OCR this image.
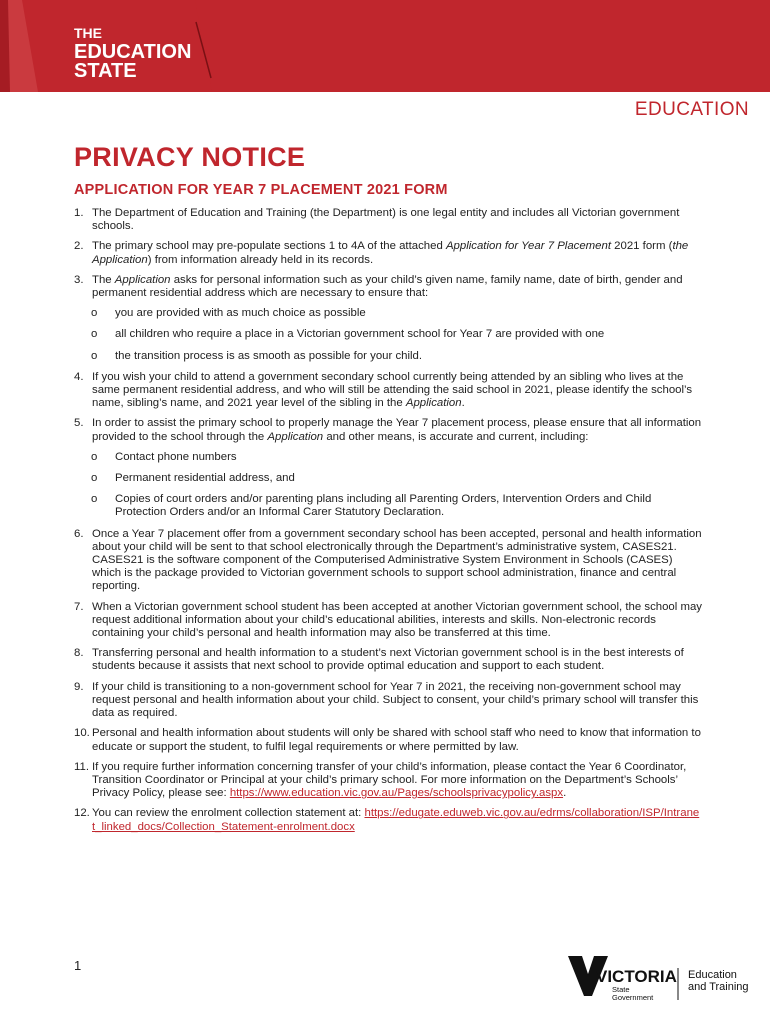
THE
EDUCATION
STATE
EDUCATION
PRIVACY NOTICE
APPLICATION FOR YEAR 7 PLACEMENT 2021 FORM
1. The Department of Education and Training (the Department) is one legal entity and includes all Victorian government schools.
2. The primary school may pre-populate sections 1 to 4A of the attached Application for Year 7 Placement 2021 form (the Application) from information already held in its records.
3. The Application asks for personal information such as your child’s given name, family name, date of birth, gender and permanent residential address which are necessary to ensure that:
o you are provided with as much choice as possible
o all children who require a place in a Victorian government school for Year 7 are provided with one
o the transition process is as smooth as possible for your child.
4. If you wish your child to attend a government secondary school currently being attended by an sibling who lives at the same permanent residential address, and who will still be attending the said school in 2021, please identify the school’s name, sibling’s name, and 2021 year level of the sibling in the Application.
5. In order to assist the primary school to properly manage the Year 7 placement process, please ensure that all information provided to the school through the Application and other means, is accurate and current, including:
o Contact phone numbers
o Permanent residential address, and
o Copies of court orders and/or parenting plans including all Parenting Orders, Intervention Orders and Child Protection Orders and/or an Informal Carer Statutory Declaration.
6. Once a Year 7 placement offer from a government secondary school has been accepted, personal and health information about your child will be sent to that school electronically through the Department’s administrative system, CASES21. CASES21 is the software component of the Computerised Administrative System Environment in Schools (CASES) which is the package provided to Victorian government schools to support school administration, finance and central reporting.
7. When a Victorian government school student has been accepted at another Victorian government school, the school may request additional information about your child’s educational abilities, interests and skills. Non-electronic records containing your child’s personal and health information may also be transferred at this time.
8. Transferring personal and health information to a student’s next Victorian government school is in the best interests of students because it assists that next school to provide optimal education and support to each student.
9. If your child is transitioning to a non-government school for Year 7 in 2021, the receiving non-government school may request personal and health information about your child. Subject to consent, your child’s primary school will transfer this data as required.
10. Personal and health information about students will only be shared with school staff who need to know that information to educate or support the student, to fulfil legal requirements or where permitted by law.
11. If you require further information concerning transfer of your child’s information, please contact the Year 6 Coordinator, Transition Coordinator or Principal at your child’s primary school. For more information on the Department’s Schools’ Privacy Policy, please see: https://www.education.vic.gov.au/Pages/schoolsprivacypolicy.aspx.
12. You can review the enrolment collection statement at: https://edugate.eduweb.vic.gov.au/edrms/collaboration/ISP/Intranet_linked_docs/Collection_Statement-enrolment.docx
1
VICTORIA
State
Government
Education
and Training
